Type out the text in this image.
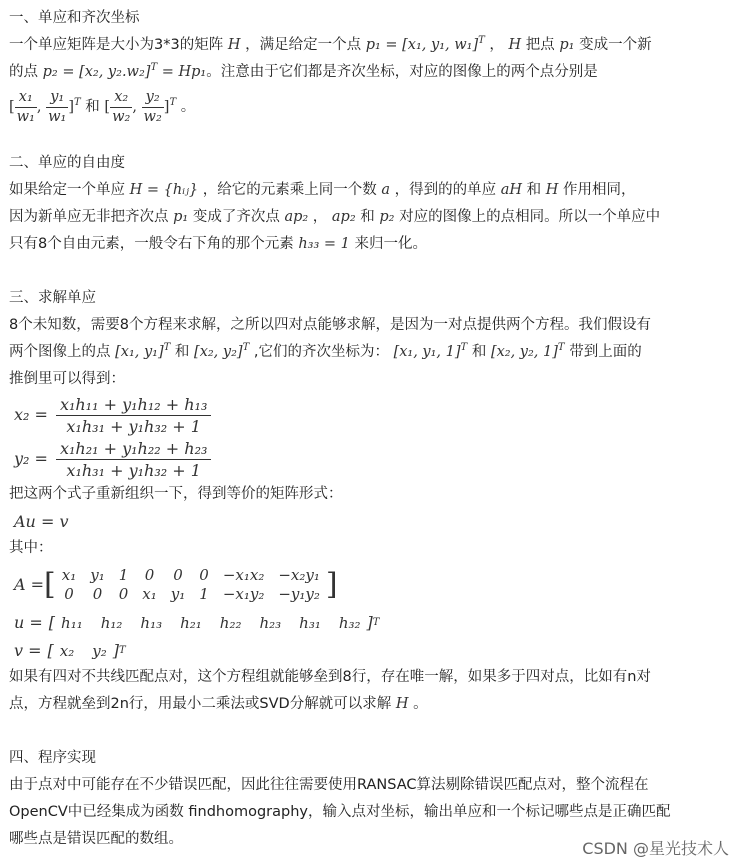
一、单应和齐次坐标

一个单应矩阵是大小为3*3的矩阵 H ，满足给定一个点 p₁ = [x₁, y₁, w₁]$^T$ ， H 把点 p₁ 变成一个新

的点 p₂ = [x₂, y₂.w₂]$^T$ = Hp₁。注意由于它们都是齐次坐标，对应的图像上的两个点分别是

[ $\frac{\text{x₁}}{\text{w₁}}$ , $\frac{\text{y₁}}{\text{w₁}} ]^T$ 和 [ $\frac{\text{x₂}}{\text{w₂}}$ , $\frac{\text{y₂}}{\text{w₂}} ]^T$ 。

二、单应的自由度

如果给定一个单应 H = {hᵢⱼ} ，给它的元素乘上同一个数 a ，得到的的单应 aH 和 H 作用相同，

因为新单应无非把齐次点 p₁ 变成了齐次点 ap₂ ， ap₂ 和 p₂ 对应的图像上的点相同。所以一个单应中

只有8个自由元素，一般令右下角的那个元素 h₃₃ = 1 来归一化。

三、求解单应

8个未知数，需要8个方程来求解，之所以四对点能够求解，是因为一对点提供两个方程。我们假设有

两个图像上的点 [x₁, y₁]$^T$ 和 [x₂, y₂]$^T$ ,它们的齐次坐标为： [x₁, y₁, 1]$^T$ 和 [x₂, y₂, 1]$^T$ 带到上面的

推倒里可以得到：

$x_2 = \frac{\text{x₁h₁₁ + y₁h₁₂ + h₁₃}}{\text{x₁h₃₁ + y₁h₃₂ + 1}}$
$y_2 = \frac{\text{x₁h₂₁ + y₁h₂₂ + h₂₃}}{\text{x₁h₃₁ + y₁h₃₂ + 1}}$

把这两个式子重新组织一下，得到等价的矩阵形式：

Au = v

其中：

A = [ x₁ y₁ 1 0 0 0 −x₁x₂ −x₂y₁
0 0 0 x₁ y₁ 1 −x₁y₂ −y₁y₂ ]
u = [ h₁₁ h₁₂ h₁₃ h₂₁ h₂₂ h₂₃ h₃₁ h₃₂ ] T
v = [ x₂ y₂ ] T

如果有四对不共线匹配点对，这个方程组就能够垒到8行，存在唯一解，如果多于四对点，比如有n对

点，方程就垒到2n行，用最小二乘法或SVD分解就可以求解 H 。

四、程序实现

由于点对中可能存在不少错误匹配，因此往往需要使用RANSAC算法剔除错误匹配点对，整个流程在

OpenCV中已经集成为函数 findhomography，输入点对坐标，输出单应和一个标记哪些点是正确匹配

哪些点是错误匹配的数组。	CSDN @星光技术人
